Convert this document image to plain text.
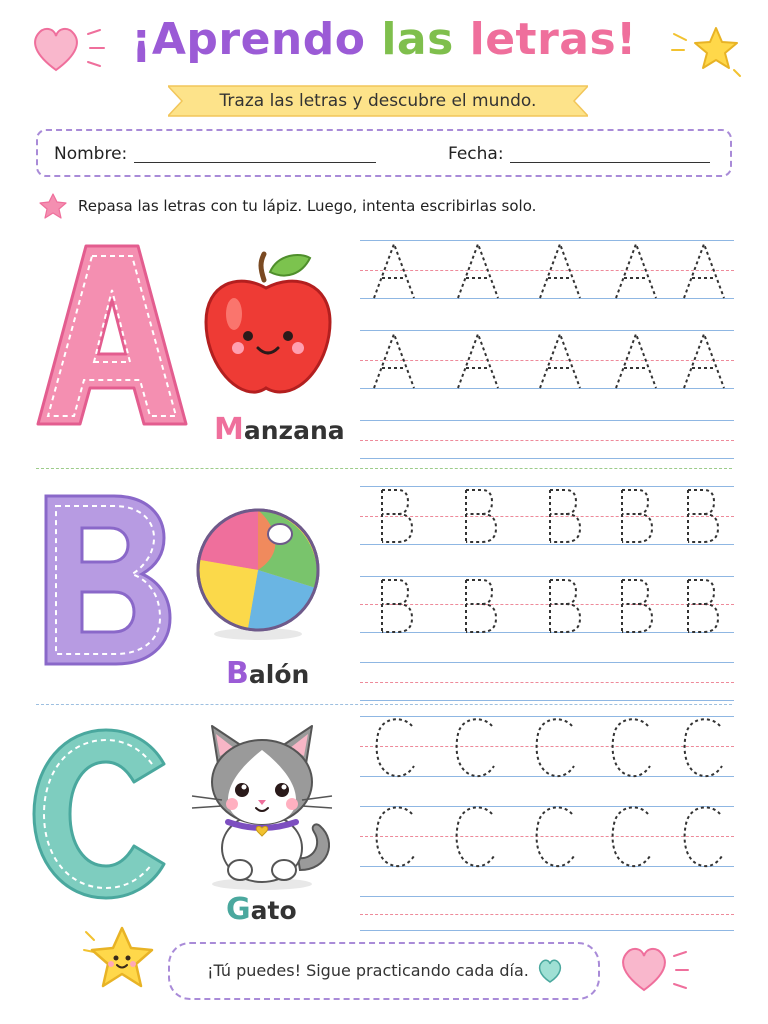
¡Aprendo las letras!
Traza las letras y descubre el mundo.
Nombre:	Fecha:
Repasa las letras con tu lápiz. Luego, intenta escribirlas solo.
Manzana
Balón
Gato
¡Tú puedes! Sigue practicando cada día.
